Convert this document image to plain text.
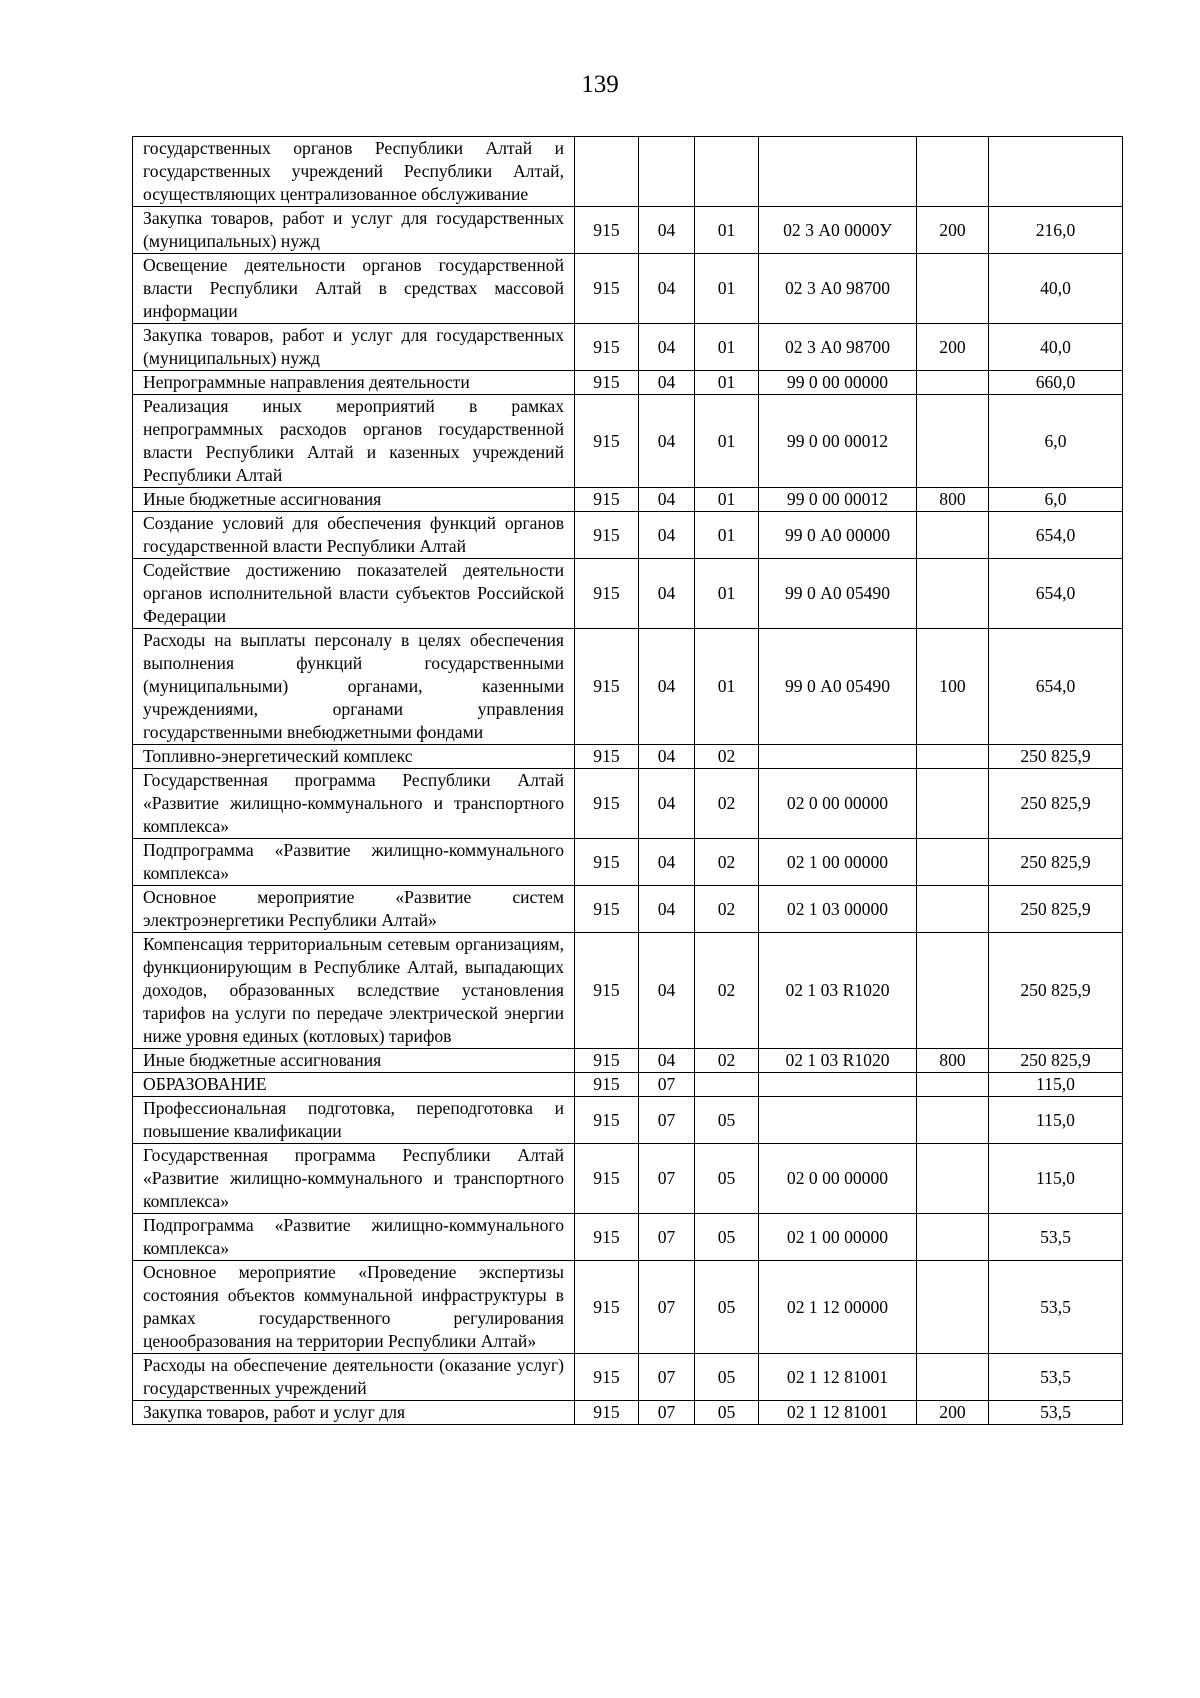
139
государственных органов Республики Алтай и государственных учреждений Республики Алтай, осуществляющих централизованное обслуживание						
Закупка товаров, работ и услуг для государственных (муниципальных) нужд	915	04	01	02 3 А0 0000У	200	216,0
Освещение деятельности органов государственной власти Республики Алтай в средствах массовой информации	915	04	01	02 3 А0 98700		40,0
Закупка товаров, работ и услуг для государственных (муниципальных) нужд	915	04	01	02 3 А0 98700	200	40,0
Непрограммные направления деятельности	915	04	01	99 0 00 00000		660,0
Реализация иных мероприятий в рамках непрограммных расходов органов государственной власти Республики Алтай и казенных учреждений Республики Алтай	915	04	01	99 0 00 00012		6,0
Иные бюджетные ассигнования	915	04	01	99 0 00 00012	800	6,0
Создание условий для обеспечения функций органов государственной власти Республики Алтай	915	04	01	99 0 А0 00000		654,0
Содействие достижению показателей деятельности органов исполнительной власти субъектов Российской Федерации	915	04	01	99 0 А0 05490		654,0
Расходы на выплаты персоналу в целях обеспечения выполнения функций государственными (муниципальными) органами, казенными учреждениями, органами управления государственными внебюджетными фондами	915	04	01	99 0 А0 05490	100	654,0
Топливно-энергетический комплекс	915	04	02			250 825,9
Государственная программа Республики Алтай «Развитие жилищно-коммунального и транспортного комплекса»	915	04	02	02 0 00 00000		250 825,9
Подпрограмма «Развитие жилищно-коммунального комплекса»	915	04	02	02 1 00 00000		250 825,9
Основное мероприятие «Развитие систем электроэнергетики Республики Алтай»	915	04	02	02 1 03 00000		250 825,9
Компенсация территориальным сетевым организациям, функционирующим в Республике Алтай, выпадающих доходов, образованных вследствие установления тарифов на услуги по передаче электрической энергии ниже уровня единых (котловых) тарифов	915	04	02	02 1 03 R1020		250 825,9
Иные бюджетные ассигнования	915	04	02	02 1 03 R1020	800	250 825,9
ОБРАЗОВАНИЕ	915	07				115,0
Профессиональная подготовка, переподготовка и повышение квалификации	915	07	05			115,0
Государственная программа Республики Алтай «Развитие жилищно-коммунального и транспортного комплекса»	915	07	05	02 0 00 00000		115,0
Подпрограмма «Развитие жилищно-коммунального комплекса»	915	07	05	02 1 00 00000		53,5
Основное мероприятие «Проведение экспертизы состояния объектов коммунальной инфраструктуры в рамках государственного регулирования ценообразования на территории Республики Алтай»	915	07	05	02 1 12 00000		53,5
Расходы на обеспечение деятельности (оказание услуг) государственных учреждений	915	07	05	02 1 12 81001		53,5
Закупка товаров, работ и услуг для	915	07	05	02 1 12 81001	200	53,5
